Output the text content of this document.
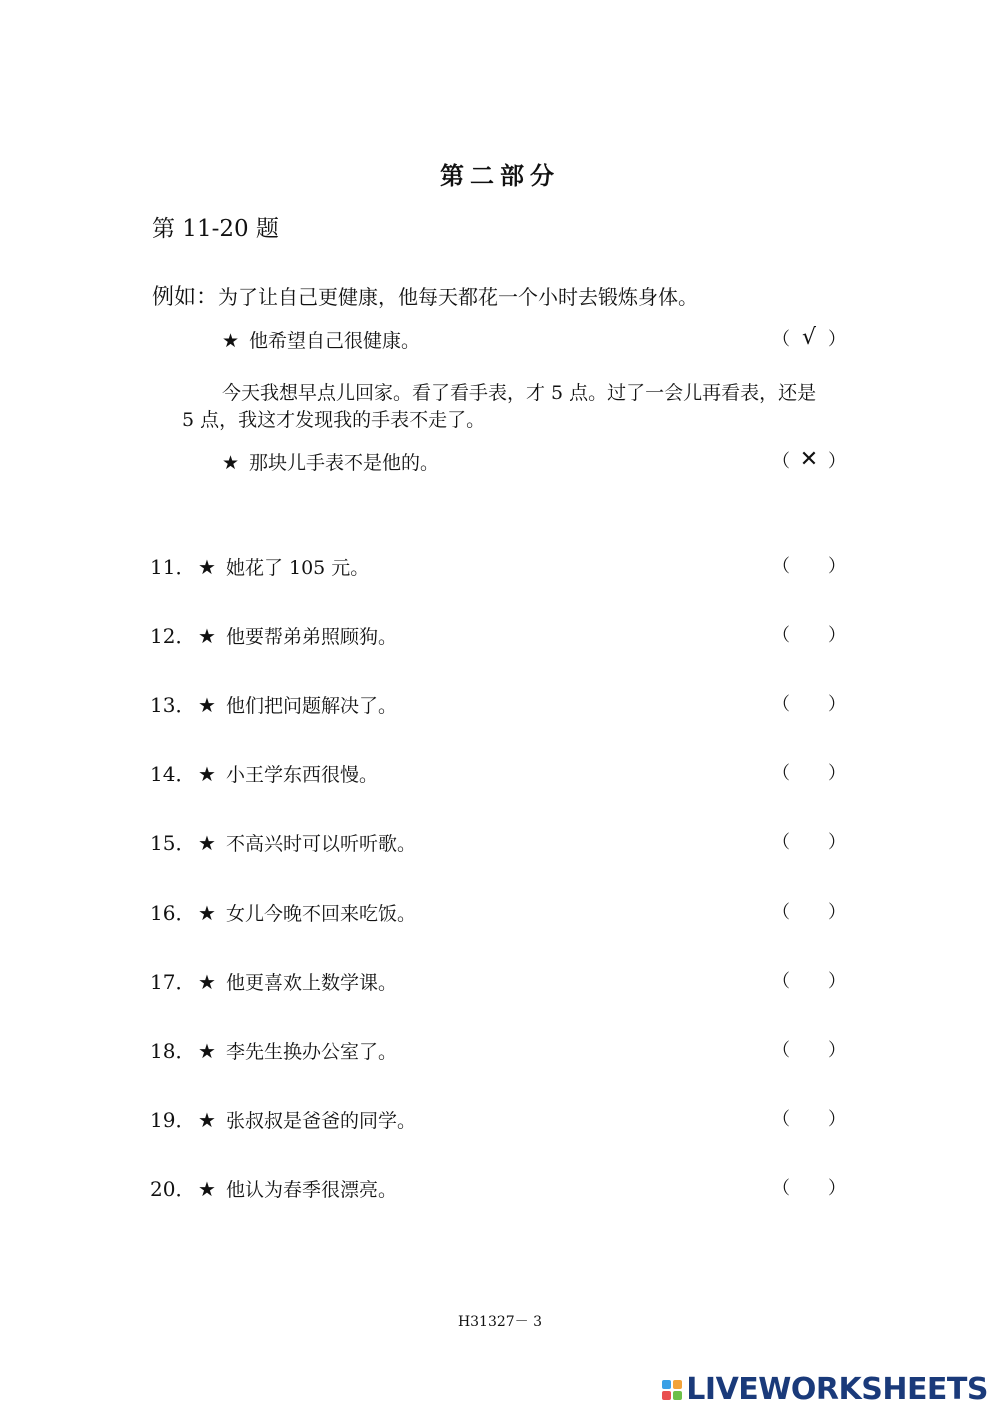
第二部分
第 11-20 题
例如：为了让自己更健康，他每天都花一个小时去锻炼身体。
★ 他希望自己很健康。	（ √ ）
今天我想早点儿回家。看了看手表，才 5 点。过了一会儿再看表，还是
5 点，我这才发现我的手表不走了。
★ 那块儿手表不是他的。	（ ✕ ）
11． ★ 她花了 105 元。	（ ）
12． ★ 他要帮弟弟照顾狗。	（ ）
13． ★ 他们把问题解决了。	（ ）
14． ★ 小王学东西很慢。	（ ）
15． ★ 不高兴时可以听听歌。	（ ）
16． ★ 女儿今晚不回来吃饭。	（ ）
17． ★ 他更喜欢上数学课。	（ ）
18． ★ 李先生换办公室了。	（ ）
19． ★ 张叔叔是爸爸的同学。	（ ）
20． ★ 他认为春季很漂亮。	（ ）
H31327－ 3
LIVEWORKSHEETS
